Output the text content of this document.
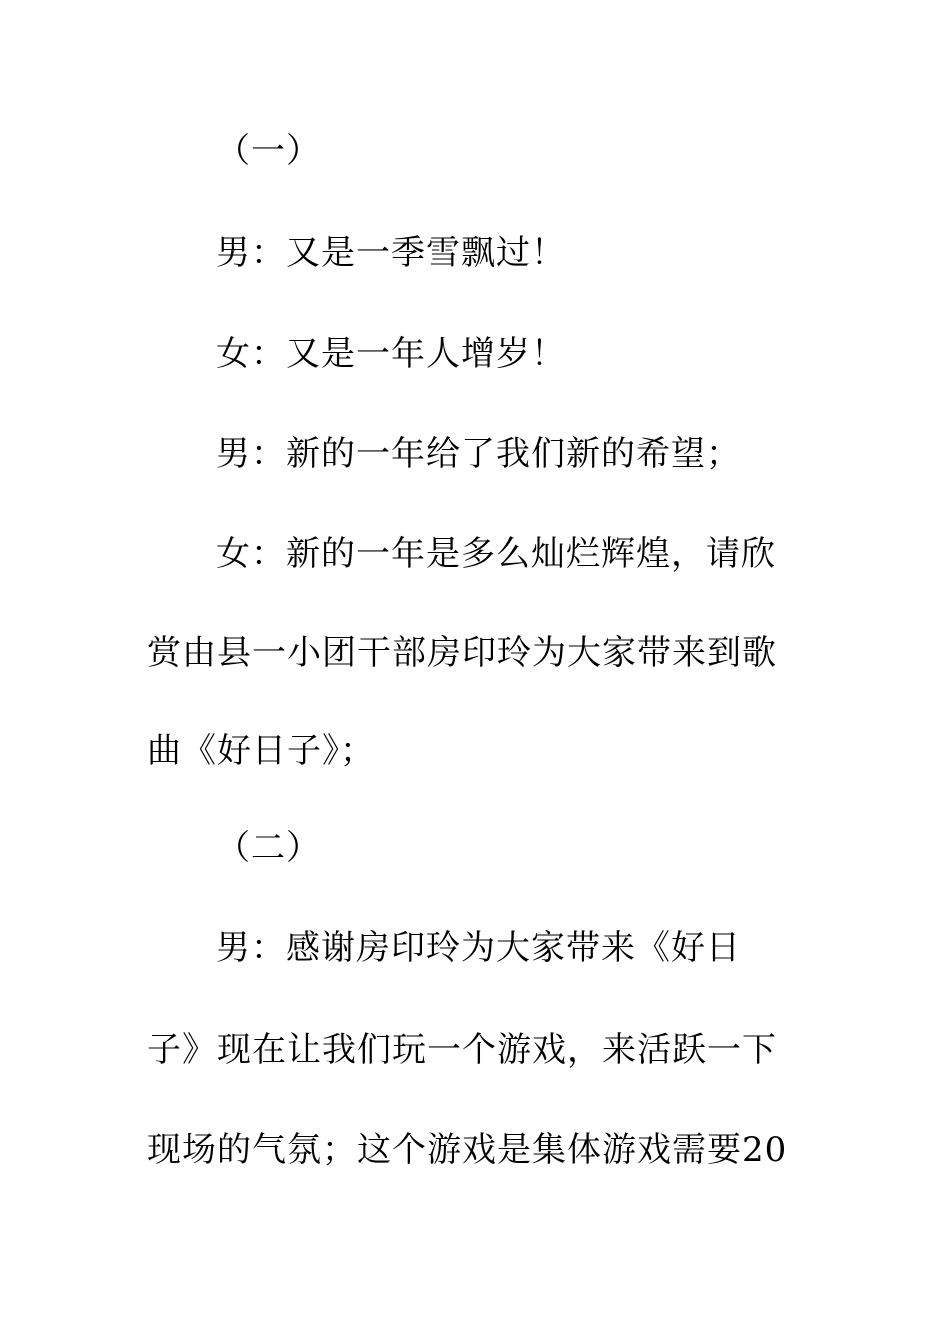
（一）
男：又是一季雪飘过！
女：又是一年人增岁！
男：新的一年给了我们新的希望；
女：新的一年是多么灿烂辉煌，请欣
赏由县一小团干部房印玲为大家带来到歌
曲《好日子》；
（二）
男：感谢房印玲为大家带来《好日
子》现在让我们玩一个游戏，来活跃一下
现场的气氛；这个游戏是集体游戏需要20
